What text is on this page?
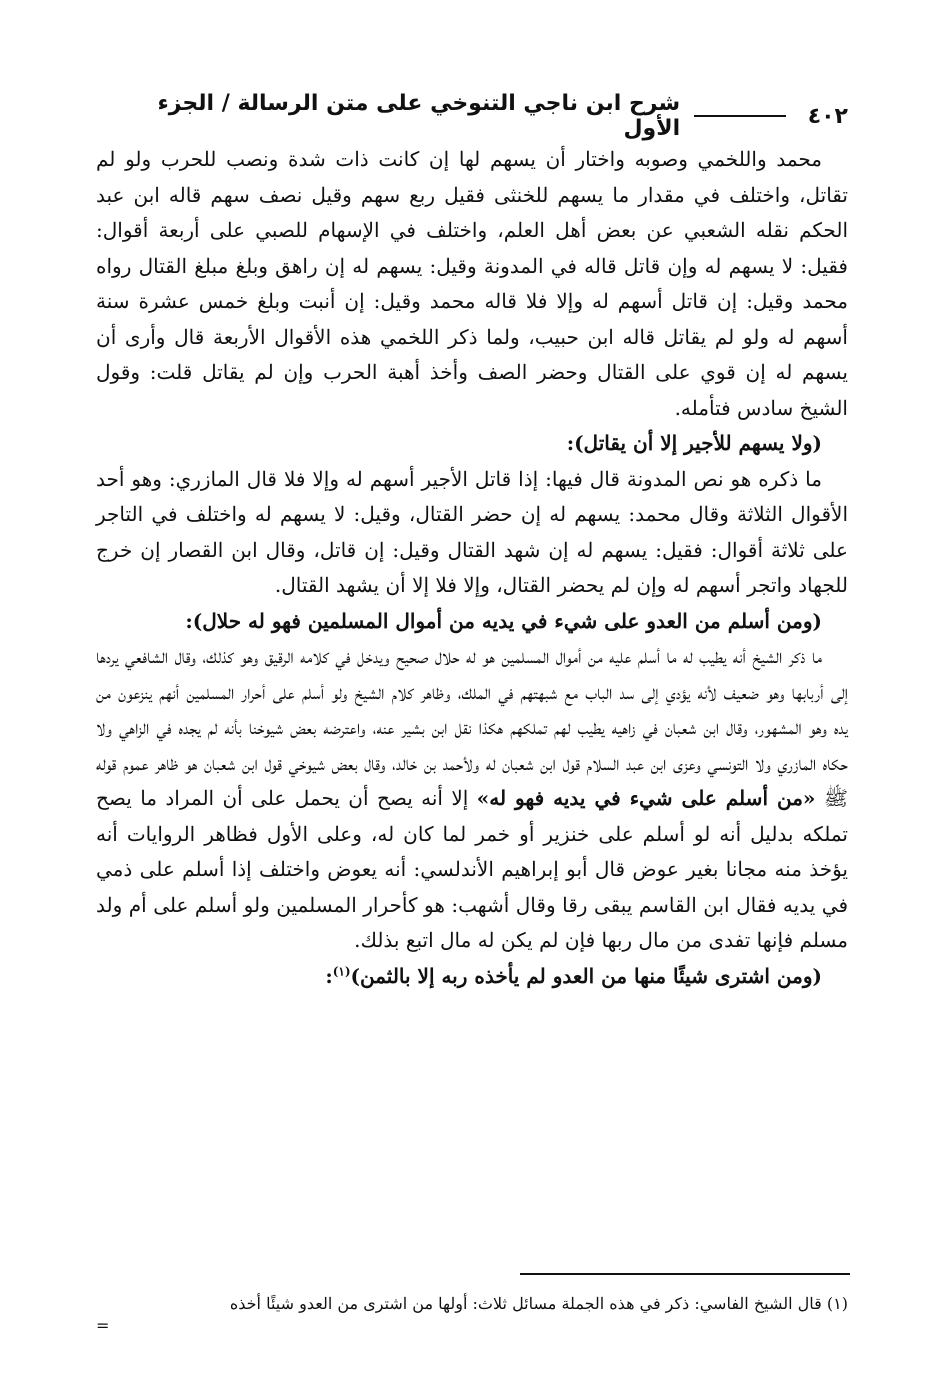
٤٠٢
شرح ابن ناجي التنوخي على متن الرسالة / الجزء الأول

محمد واللخمي وصوبه واختار أن يسهم لها إن كانت ذات شدة ونصب للحرب ولو لم تقاتل، واختلف في مقدار ما يسهم للخنثى فقيل ربع سهم وقيل نصف سهم قاله ابن عبد الحكم نقله الشعبي عن بعض أهل العلم، واختلف في الإسهام للصبي على أربعة أقوال: فقيل: لا يسهم له وإن قاتل قاله في المدونة وقيل: يسهم له إن راهق وبلغ مبلغ القتال رواه محمد وقيل: إن قاتل أسهم له وإلا فلا قاله محمد وقيل: إن أنبت وبلغ خمس عشرة سنة أسهم له ولو لم يقاتل قاله ابن حبيب، ولما ذكر اللخمي هذه الأقوال الأربعة قال وأرى أن يسهم له إن قوي على القتال وحضر الصف وأخذ أهبة الحرب وإن لم يقاتل قلت: وقول الشيخ سادس فتأمله.

(ولا يسهم للأجير إلا أن يقاتل):

ما ذكره هو نص المدونة قال فيها: إذا قاتل الأجير أسهم له وإلا فلا قال المازري: وهو أحد الأقوال الثلاثة وقال محمد: يسهم له إن حضر القتال، وقيل: لا يسهم له واختلف في التاجر على ثلاثة أقوال: فقيل: يسهم له إن شهد القتال وقيل: إن قاتل، وقال ابن القصار إن خرج للجهاد واتجر أسهم له وإن لم يحضر القتال، وإلا فلا إلا أن يشهد القتال.

(ومن أسلم من العدو على شيء في يديه من أموال المسلمين فهو له حلال):

ما ذكر الشيخ أنه يطيب له ما أسلم عليه من أموال المسلمين هو له حلال صحيح ويدخل في كلامه الرقيق وهو كذلك، وقال الشافعي يردها إلى أربابها وهو ضعيف لأنه يؤدي إلى سد الباب مع شبهتهم في الملك، وظاهر كلام الشيخ ولو أسلم على أحرار المسلمين أنهم ينزعون من يده وهو المشهور، وقال ابن شعبان في زاهيه يطيب لهم تملكهم هكذا نقل ابن بشير عنه، واعترضه بعض شيوخنا بأنه لم يجده في الزاهي ولا حكاه المازري ولا التونسي وعزى ابن عبد السلام قول ابن شعبان له ولأحمد بن خالد، وقال بعض شيوخي قول ابن شعبان هو ظاهر عموم قوله ﷺ «من أسلم على شيء في يديه فهو له» إلا أنه يصح أن يحمل على أن المراد ما يصح تملكه بدليل أنه لو أسلم على خنزير أو خمر لما كان له، وعلى الأول فظاهر الروايات أنه يؤخذ منه مجانا بغير عوض قال أبو إبراهيم الأندلسي: أنه يعوض واختلف إذا أسلم على ذمي في يديه فقال ابن القاسم يبقى رقا وقال أشهب: هو كأحرار المسلمين ولو أسلم على أم ولد مسلم فإنها تفدى من مال ربها فإن لم يكن له مال اتبع بذلك.

(ومن اشترى شيئًا منها من العدو لم يأخذه ربه إلا بالثمن)$^{(١)}$:

(١) قال الشيخ الفاسي: ذكر في هذه الجملة مسائل ثلاث: أولها من اشترى من العدو شيئًا أخذه
=
